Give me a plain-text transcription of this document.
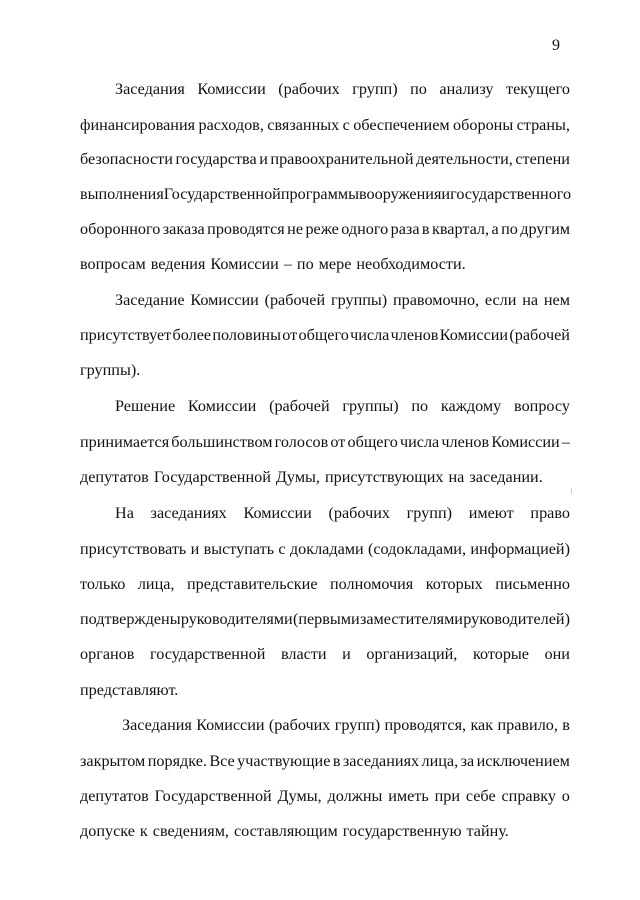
9
Заседания Комиссии (рабочих групп) по анализу текущего
финансирования расходов, связанных с обеспечением обороны страны,
безопасности государства и правоохранительной деятельности, степени
выполнения Государственной программы вооружения и государственного
оборонного заказа проводятся не реже одного раза в квартал, а по другим
вопросам ведения Комиссии – по мере необходимости.
Заседание Комиссии (рабочей группы) правомочно, если на нем
присутствует более половины от общего числа членов Комиссии (рабочей
группы).
Решение Комиссии (рабочей группы) по каждому вопросу
принимается большинством голосов от общего числа членов Комиссии –
депутатов Государственной Думы, присутствующих на заседании.
На заседаниях Комиссии (рабочих групп) имеют право
присутствовать и выступать с докладами (содокладами, информацией)
только лица, представительские полномочия которых письменно
подтверждены руководителями (первыми заместителями руководителей)
органов государственной власти и организаций, которые они
представляют.
Заседания Комиссии (рабочих групп) проводятся, как правило, в
закрытом порядке. Все участвующие в заседаниях лица, за исключением
депутатов Государственной Думы, должны иметь при себе справку о
допуске к сведениям, составляющим государственную тайну.
